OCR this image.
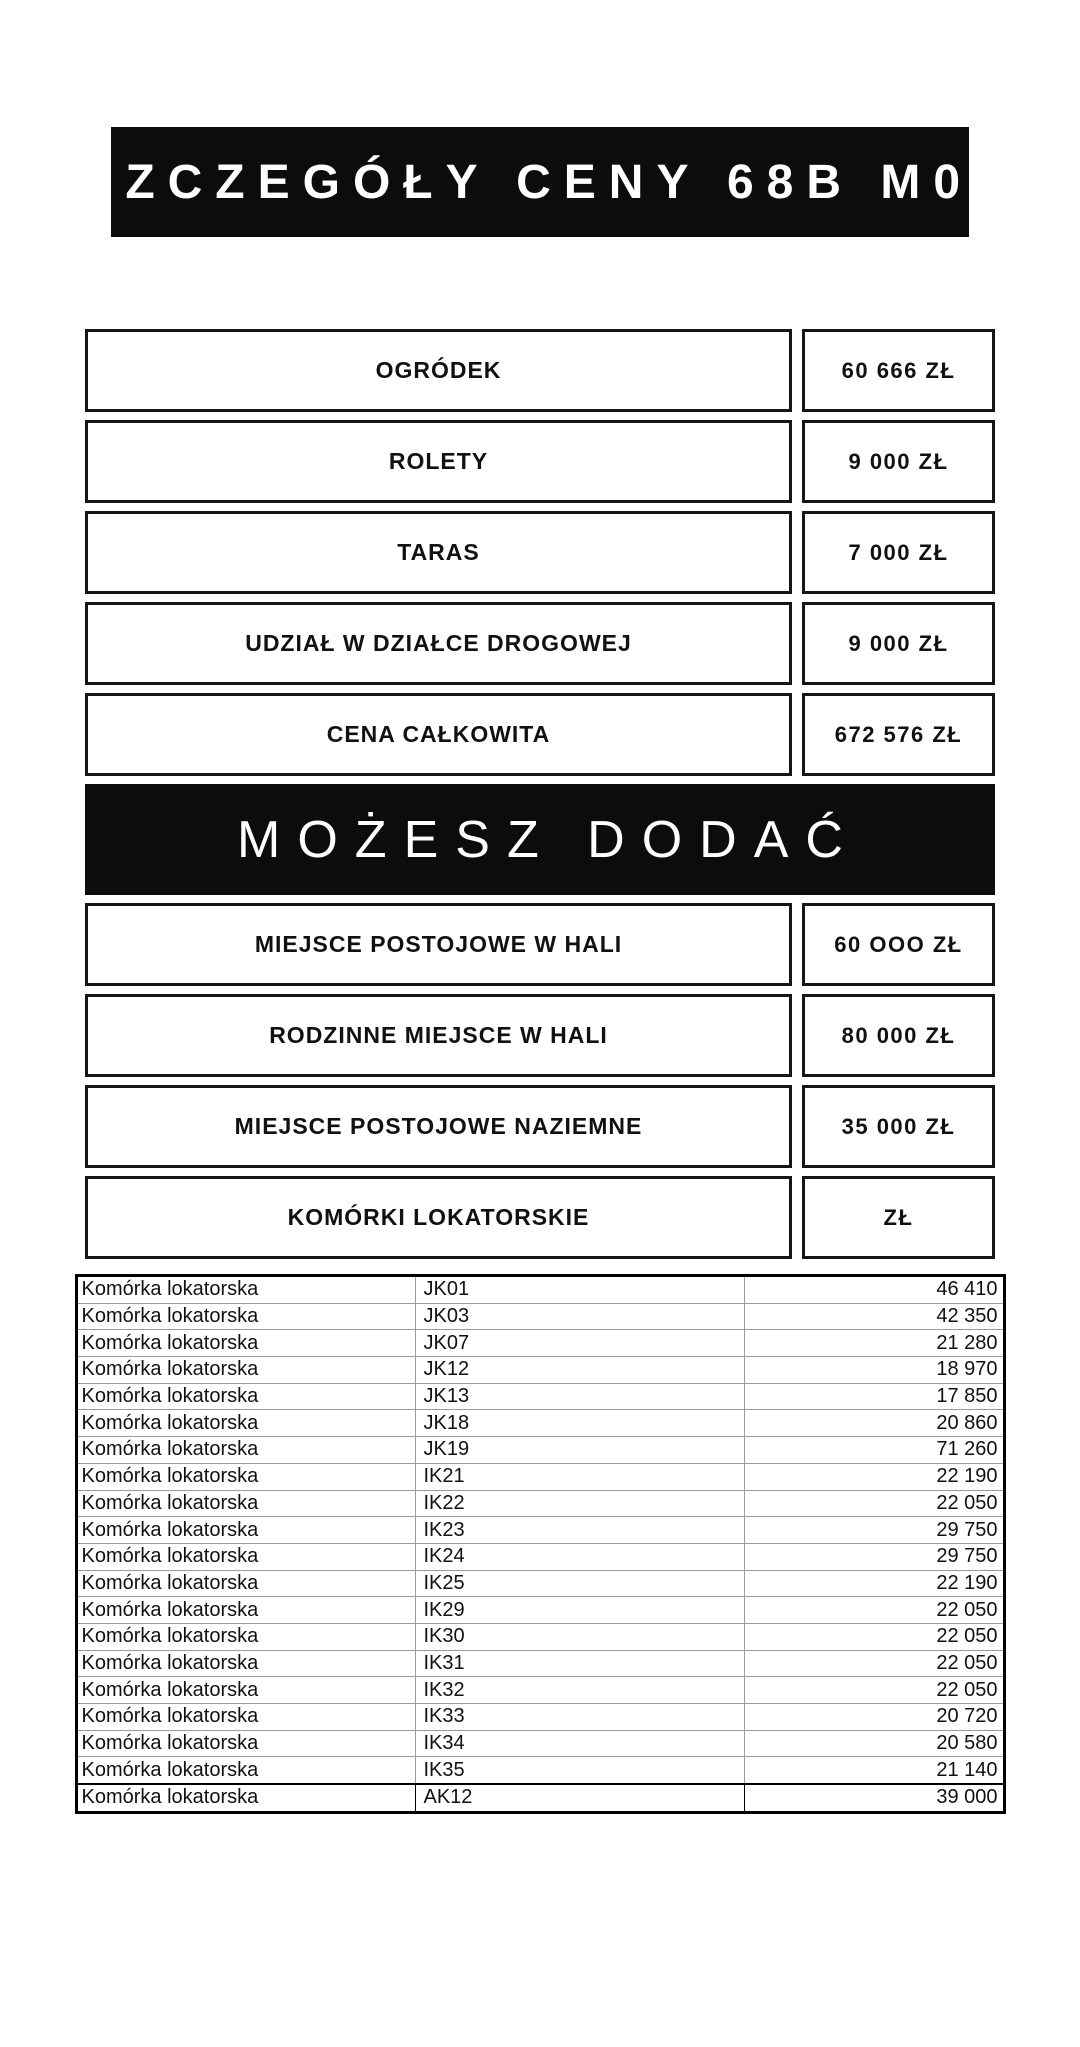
SZCZEGÓŁY CENY 68B M02
OGRÓDEK	60 666 ZŁ
ROLETY	9 000 ZŁ
TARAS	7 000 ZŁ
UDZIAŁ W DZIAŁCE DROGOWEJ	9 000 ZŁ
CENA CAŁKOWITA	672 576 ZŁ
MOŻESZ DODAĆ
MIEJSCE POSTOJOWE W HALI	60 OOO ZŁ
RODZINNE MIEJSCE W HALI	80 000 ZŁ
MIEJSCE POSTOJOWE NAZIEMNE	35 000 ZŁ
KOMÓRKI LOKATORSKIE	ZŁ
Komórka lokatorska	JK01	46 410
Komórka lokatorska	JK03	42 350
Komórka lokatorska	JK07	21 280
Komórka lokatorska	JK12	18 970
Komórka lokatorska	JK13	17 850
Komórka lokatorska	JK18	20 860
Komórka lokatorska	JK19	71 260
Komórka lokatorska	IK21	22 190
Komórka lokatorska	IK22	22 050
Komórka lokatorska	IK23	29 750
Komórka lokatorska	IK24	29 750
Komórka lokatorska	IK25	22 190
Komórka lokatorska	IK29	22 050
Komórka lokatorska	IK30	22 050
Komórka lokatorska	IK31	22 050
Komórka lokatorska	IK32	22 050
Komórka lokatorska	IK33	20 720
Komórka lokatorska	IK34	20 580
Komórka lokatorska	IK35	21 140
Komórka lokatorska	AK12	39 000
